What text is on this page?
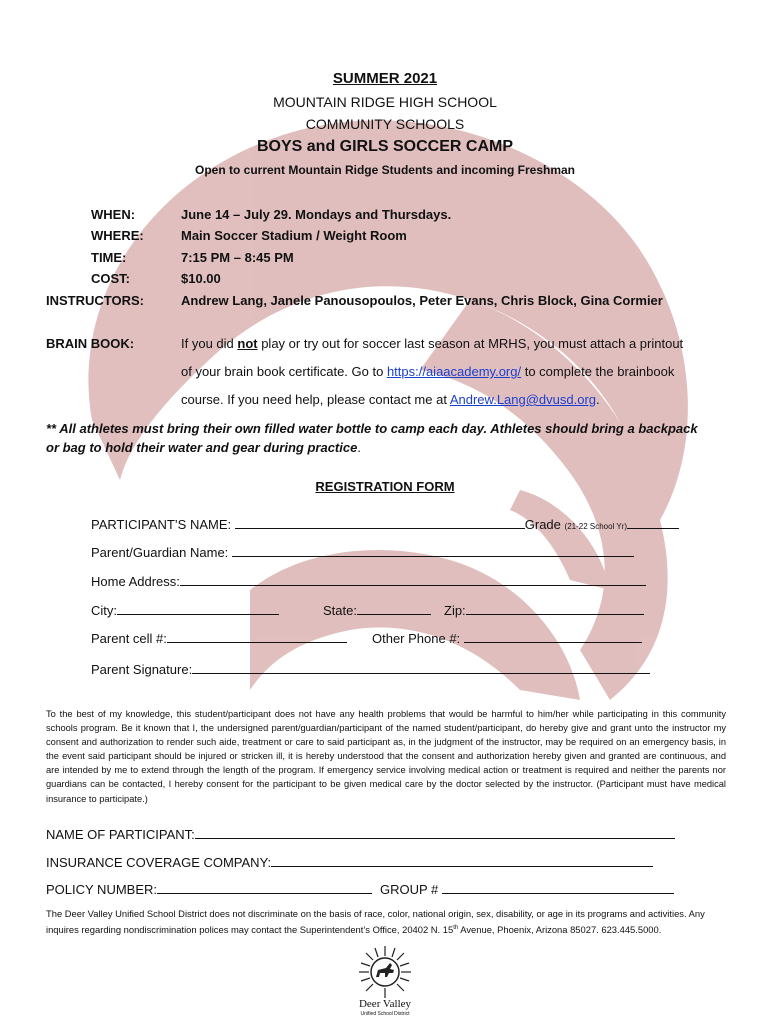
SUMMER 2021
MOUNTAIN RIDGE HIGH SCHOOL
COMMUNITY SCHOOLS
BOYS and GIRLS SOCCER CAMP
Open to current Mountain Ridge Students and incoming Freshman
WHEN:	June 14 – July 29. Mondays and Thursdays.
WHERE:	Main Soccer Stadium / Weight Room
TIME:	7:15 PM – 8:45 PM
COST:	$10.00
INSTRUCTORS:	Andrew Lang, Janele Panousopoulos, Peter Evans, Chris Block, Gina Cormier
BRAIN BOOK:	If you did not play or try out for soccer last season at MRHS, you must attach a printout
of your brain book certificate. Go to https://aiaacademy.org/ to complete the brainbook
course. If you need help, please contact me at Andrew.Lang@dvusd.org.
** All athletes must bring their own filled water bottle to camp each day. Athletes should bring a backpack
or bag to hold their water and gear during practice.
REGISTRATION FORM
PARTICIPANT’S NAME:	Grade (21-22 School Yr)
Parent/Guardian Name:
Home Address:
City:	State:	Zip:
Parent cell #:	Other Phone #:
Parent Signature:
To the best of my knowledge, this student/participant does not have any health problems that would be harmful to him/her while participating in this community schools program. Be it known that I, the undersigned parent/guardian/participant of the named student/participant, do hereby give and grant unto the instructor my consent and authorization to render such aide, treatment or care to said participant as, in the judgment of the instructor, may be required on an emergency basis, in the event said participant should be injured or stricken ill, it is hereby understood that the consent and authorization hereby given and granted are continuous, and are intended by me to extend through the length of the program. If emergency service involving medical action or treatment is required and neither the parents nor guardians can be contacted, I hereby consent for the participant to be given medical care by the doctor selected by the instructor. (Participant must have medical insurance to participate.)
NAME OF PARTICIPANT:
INSURANCE COVERAGE COMPANY:
POLICY NUMBER:	GROUP #
The Deer Valley Unified School District does not discriminate on the basis of race, color, national origin, sex, disability, or age in its programs and activities. Any inquires regarding nondiscrimination polices may contact the Superintendent’s Office, 20402 N. 15th Avenue, Phoenix, Arizona 85027. 623.445.5000.
Deer Valley
Unified School District
